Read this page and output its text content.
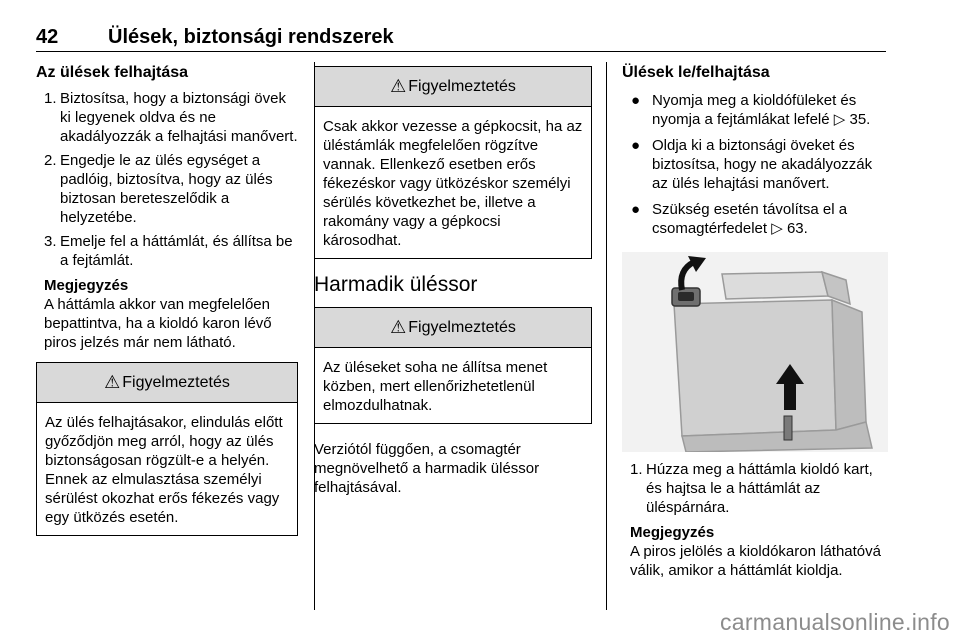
42 Ülések, biztonsági rendszerek
Az ülések felhajtása
1. Biztosítsa, hogy a biztonsági övek ki legyenek oldva és ne akadályozzák a felhajtási manővert.
2. Engedje le az ülés egységet a padlóig, biztosítva, hogy az ülés biztosan bereteszelődik a helyzetébe.
3. Emelje fel a háttámlát, és állítsa be a fejtámlát.
Megjegyzés
A háttámla akkor van megfelelően bepattintva, ha a kioldó karon lévő piros jelzés már nem látható.
⚠ Figyelmeztetés
Az ülés felhajtásakor, elindulás előtt győződjön meg arról, hogy az ülés biztonságosan rögzült-e a helyén. Ennek az elmulasztása személyi sérülést okozhat erős fékezés vagy egy ütközés esetén.
⚠ Figyelmeztetés
Csak akkor vezesse a gépkocsit, ha az üléstámlák megfelelően rögzítve vannak. Ellenkező esetben erős fékezéskor vagy ütközéskor személyi sérülés következhet be, illetve a rakomány vagy a gépkocsi károsodhat.
Harmadik üléssor
⚠ Figyelmeztetés
Az üléseket soha ne állítsa menet közben, mert ellenőrizhetetlenül elmozdulhatnak.

Verziótól függően, a csomagtér megnövelhető a harmadik üléssor felhajtásával.

Ülések le/felhajtása
● Nyomja meg a kioldófüleket és nyomja a fejtámlákat lefelé ▷ 35.
● Oldja ki a biztonsági öveket és biztosítsa, hogy ne akadályozzák az ülés lehajtási manővert.
● Szükség esetén távolítsa el a csomagtérfedelet ▷ 63.
1. Húzza meg a háttámla kioldó kart, és hajtsa le a háttámlát az üléspárnára.
Megjegyzés
A piros jelölés a kioldókaron láthatóvá válik, amikor a háttámlát kioldja.
carmanualsonline.info
